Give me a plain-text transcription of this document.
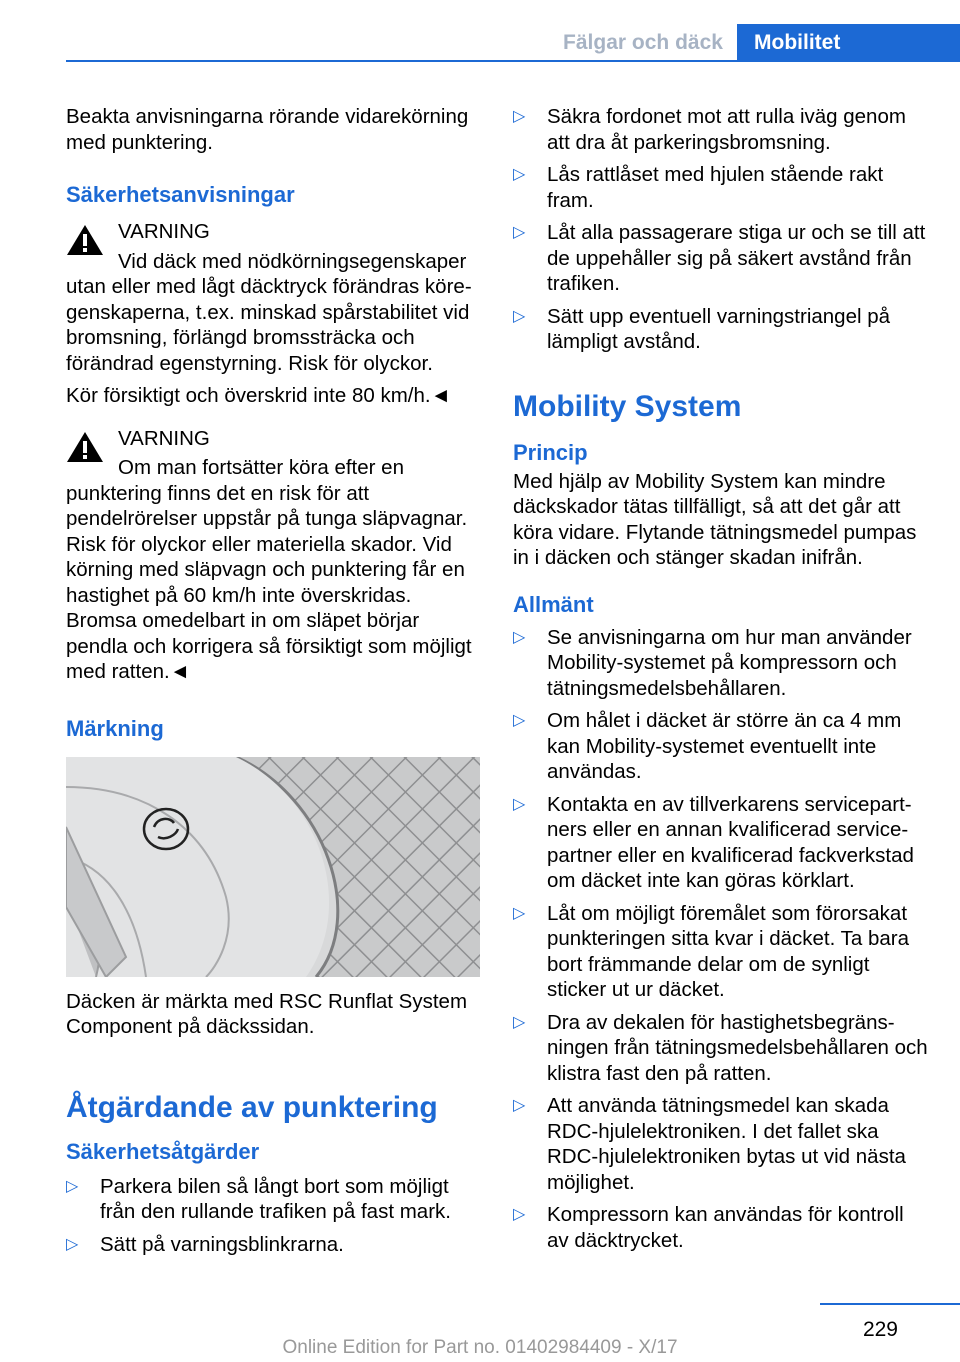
Fälgar och däck	Mobilitet

Beakta anvisningarna rörande vidarekörning med punktering.

Säkerhetsanvisningar

VARNING

Vid däck med nödkörningsegenskaper utan eller med lågt däcktryck förändras köregenskaperna, t.ex. minskad spårstabilitet vid bromsning, förlängd bromssträcka och förändrad egenstyrning. Risk för olyckor.

Kör försiktigt och överskrid inte 80 km/h.◄

VARNING

Om man fortsätter köra efter en punktering finns det en risk för att pendelrörelser uppstår på tunga släpvagnar. Risk för olyckor eller materiella skador. Vid körning med släpvagn och punktering får en hastighet på 60 km/h inte överskridas. Bromsa omedelbart in om släpet börjar pendla och korrigera så försiktigt som möjligt med ratten.◄

Märkning

Däcken är märkta med RSC Runflat System Component på däckssidan.

Åtgärdande av punktering
Säkerhetsåtgärder
▷ Parkera bilen så långt bort som möjligt från den rullande trafiken på fast mark.
▷ Sätt på varningsblinkrarna.
▷ Säkra fordonet mot att rulla iväg genom att dra åt parkeringsbromsning.
▷ Lås rattlåset med hjulen stående rakt fram.
▷ Låt alla passagerare stiga ur och se till att de uppehåller sig på säkert avstånd från trafiken.
▷ Sätt upp eventuell varningstriangel på lämpligt avstånd.
Mobility System
Princip

Med hjälp av Mobility System kan mindre däckskador tätas tillfälligt, så att det går att köra vidare. Flytande tätningsmedel pumpas in i däcken och stänger skadan inifrån.

Allmänt
▷ Se anvisningarna om hur man använder Mobility-systemet på kompressorn och tätningsmedelsbehållaren.
▷ Om hålet i däcket är större än ca 4 mm kan Mobility-systemet eventuellt inte användas.
▷ Kontakta en av tillverkarens servicepartners eller en annan kvalificerad servicepartner eller en kvalificerad fackverkstad om däcket inte kan göras körklart.
▷ Låt om möjligt föremålet som förorsakat punkteringen sitta kvar i däcket. Ta bara bort främmande delar om de synligt sticker ut ur däcket.
▷ Dra av dekalen för hastighetsbegränsningen från tätningsmedelsbehållaren och klistra fast den på ratten.
▷ Att använda tätningsmedel kan skada RDC-hjulelektroniken. I det fallet ska RDC-hjulelektroniken bytas ut vid nästa möjlighet.
▷ Kompressorn kan användas för kontroll av däcktrycket.
229
Online Edition for Part no. 01402984409 - X/17
